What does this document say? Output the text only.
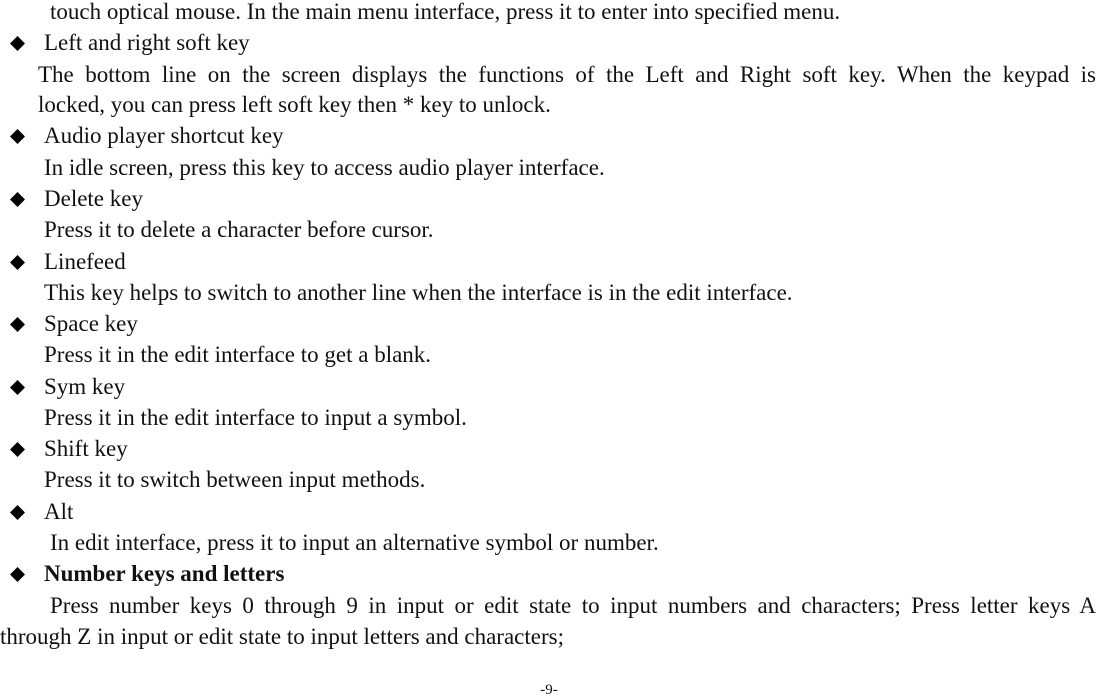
touch optical mouse. In the main menu interface, press it to enter into specified menu.
Left and right soft key
The bottom line on the screen displays the functions of the Left and Right soft key. When the keypad is
locked, you can press left soft key then * key to unlock.
Audio player shortcut key
In idle screen, press this key to access audio player interface.
Delete key
Press it to delete a character before cursor.
Linefeed
This key helps to switch to another line when the interface is in the edit interface.
Space key
Press it in the edit interface to get a blank.
Sym key
Press it in the edit interface to input a symbol.
Shift key
Press it to switch between input methods.
Alt
In edit interface, press it to input an alternative symbol or number.
Number keys and letters
Press number keys 0 through 9 in input or edit state to input numbers and characters; Press letter keys A
through Z in input or edit state to input letters and characters;
-9-
